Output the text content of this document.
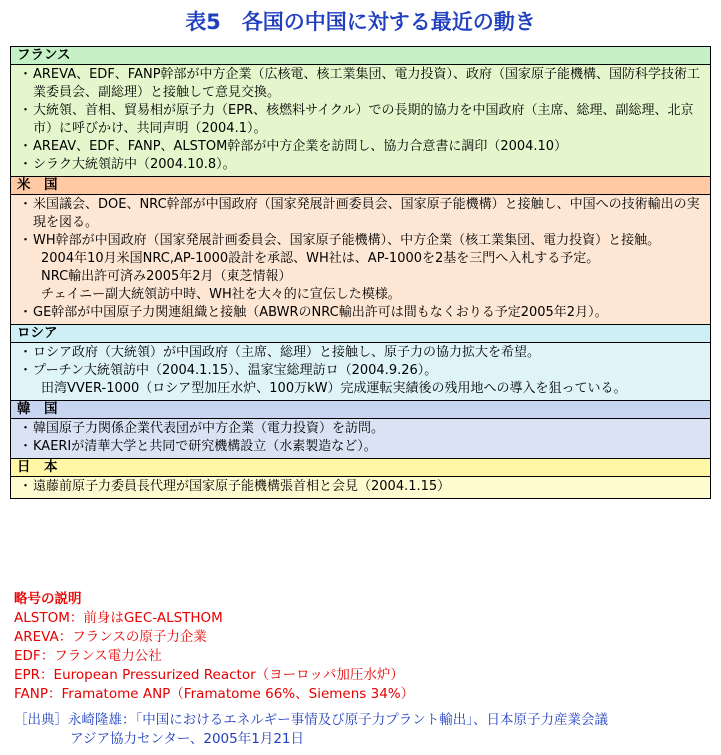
表5　各国の中国に対する最近の動き
フランス
・ AREVA、EDF、FANP幹部が中方企業（広核電、核工業集団、電力投資）、政府（国家原子能機構、国防科学技術工業委員会、副総理）と接触して意見交換。
・ 大統領、首相、貿易相が原子力（EPR、核燃料サイクル）での長期的協力を中国政府（主席、総理、副総理、北京市）に呼びかけ、共同声明（2004.1）。
・ AREAV、EDF、FANP、ALSTOM幹部が中方企業を訪問し、協力合意書に調印（2004.10）
・ シラク大統領訪中（2004.10.8）。
米　国
・ 米国議会、DOE、NRC幹部が中国政府（国家発展計画委員会、国家原子能機構）と接触し、中国への技術輸出の実現を図る。
・ WH幹部が中国政府（国家発展計画委員会、国家原子能機構）、中方企業（核工業集団、電力投資）と接触。
2004年10月米国NRC,AP-1000設計を承認、WH社は、AP-1000を2基を三門へ入札する予定。
NRC輸出許可済み2005年2月（東芝情報）
チェイニー副大統領訪中時、WH社を大々的に宣伝した模様。
・ GE幹部が中国原子力関連組織と接触（ABWRのNRC輸出許可は間もなくおりる予定2005年2月）。
ロシア
・ ロシア政府（大統領）が中国政府（主席、総理）と接触し、原子力の協力拡大を希望。
・ プーチン大統領訪中（2004.1.15）、温家宝総理訪ロ（2004.9.26）。
田湾VVER-1000（ロシア型加圧水炉、100万kW）完成運転実績後の残用地への導入を狙っている。
韓　国
・ 韓国原子力関係企業代表団が中方企業（電力投資）を訪問。
・ KAERIが清華大学と共同で研究機構設立（水素製造など）。
日　本
・ 遠藤前原子力委員長代理が国家原子能機構張首相と会見（2004.1.15）
略号の説明
ALSTOM：前身はGEC-ALSTHOM
AREVA：フランスの原子力企業
EDF：フランス電力公社
EPR：European Pressurized Reactor（ヨーロッパ加圧水炉）
FANP：Framatome ANP（Framatome 66%、Siemens 34%）
［出典］永崎隆雄：「中国におけるエネルギー事情及び原子力プラント輸出」、日本原子力産業会議
アジア協力センター、2005年1月21日
